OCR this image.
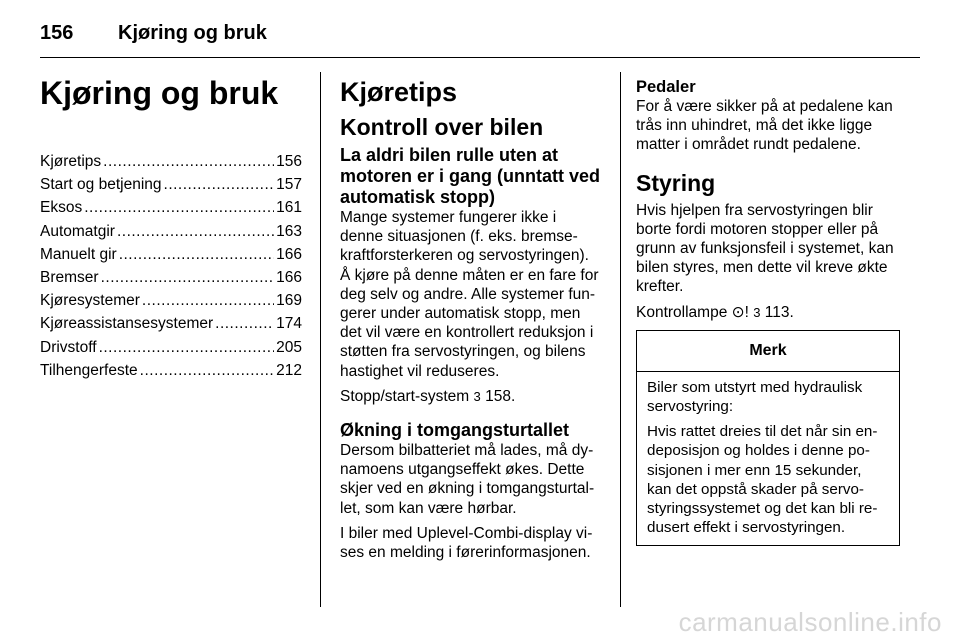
156	Kjøring og bruk
Kjøring og bruk
Kjøretips .....	156
Start og betjening .....	157
Eksos .....	161
Automatgir .....	163
Manuelt gir .....	166
Bremser .....	166
Kjøresystemer .....	169
Kjøreassistansesystemer .....	174
Drivstoff .....	205
Tilhengerfeste .....	212
Kjøretips
Kontroll over bilen
La aldri bilen rulle uten at motoren er i gang (unntatt ved automatisk stopp)

Mange systemer fungerer ikke i denne situasjonen (f. eks. bremsekraftforsterkeren og servostyringen). Å kjøre på denne måten er en fare for deg selv og andre. Alle systemer fungerer under automatisk stopp, men det vil være en kontrollert reduksjon i støtten fra servostyringen, og bilens hastighet vil reduseres.

Stopp/start-system 3 158.

Økning i tomgangsturtallet

Dersom bilbatteriet må lades, må dynamoens utgangseffekt økes. Dette skjer ved en økning i tomgangsturtallet, som kan være hørbar.

I biler med Uplevel-Combi-display vises en melding i førerinformasjonen.

Pedaler

For å være sikker på at pedalene kan trås inn uhindret, må det ikke ligge matter i området rundt pedalene.

Styring

Hvis hjelpen fra servostyringen blir borte fordi motoren stopper eller på grunn av funksjonsfeil i systemet, kan bilen styres, men dette vil kreve økte krefter.

Kontrollampe ⊙! 3 113.

Merk

Biler som utstyrt med hydraulisk servostyring:

Hvis rattet dreies til det når sin endeposisjon og holdes i denne posisjonen i mer enn 15 sekunder, kan det oppstå skader på servostyringssystemet og det kan bli redusert effekt i servostyringen.

carmanualsonline.info
